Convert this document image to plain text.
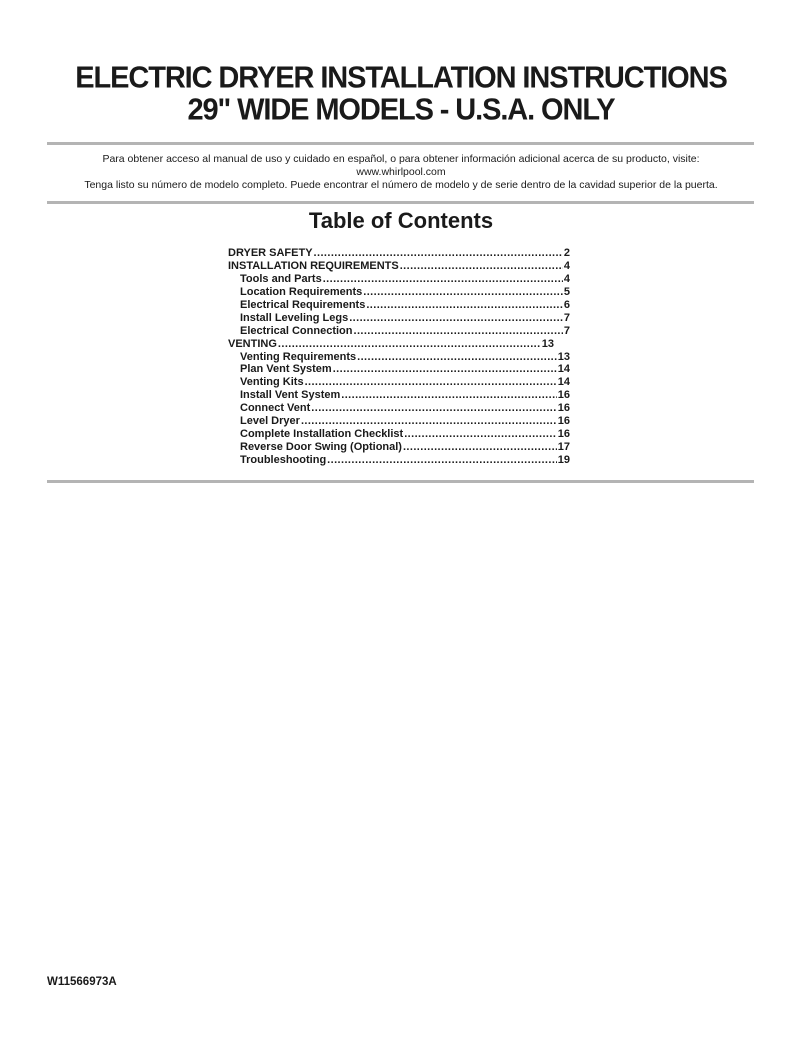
ELECTRIC DRYER INSTALLATION INSTRUCTIONS
29" WIDE MODELS - U.S.A. ONLY
Para obtener acceso al manual de uso y cuidado en español, o para obtener información adicional acerca de su producto, visite:
www.whirlpool.com
Tenga listo su número de modelo completo. Puede encontrar el número de modelo y de serie dentro de la cavidad superior de la puerta.
Table of Contents
DRYER SAFETY .....	2
INSTALLATION REQUIREMENTS .....	4
Tools and Parts .....	4
Location Requirements .....	5
Electrical Requirements .....	6
Install Leveling Legs .....	7
Electrical Connection .....	7
VENTING .....	13
Venting Requirements .....	13
Plan Vent System .....	14
Venting Kits .....	14
Install Vent System .....	16
Connect Vent .....	16
Level Dryer .....	16
Complete Installation Checklist .....	16
Reverse Door Swing (Optional) .....	17
Troubleshooting .....	19
W11566973A
